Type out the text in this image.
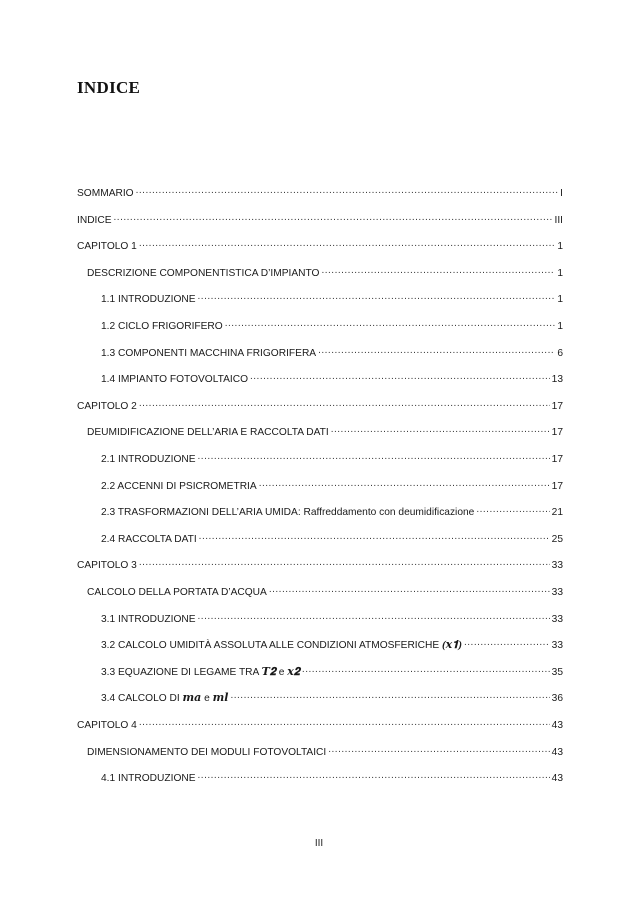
INDICE
SOMMARIO .....	I
INDICE .....	III
CAPITOLO 1 .....	1
DESCRIZIONE COMPONENTISTICA D’IMPIANTO .....	1
1.1 INTRODUZIONE .....	1
1.2 CICLO FRIGORIFERO .....	1
1.3 COMPONENTI MACCHINA FRIGORIFERA .....	6
1.4 IMPIANTO FOTOVOLTAICO .....	13
CAPITOLO 2 .....	17
DEUMIDIFICAZIONE DELL’ARIA E RACCOLTA DATI .....	17
2.1 INTRODUZIONE .....	17
2.2 ACCENNI DI PSICROMETRIA .....	17
2.3 TRASFORMAZIONI DELL’ARIA UMIDA: Raffreddamento con deumidificazione .....	21
2.4 RACCOLTA DATI .....	25
CAPITOLO 3 .....	33
CALCOLO DELLA PORTATA D’ACQUA .....	33
3.1 INTRODUZIONE .....	33
3.2 CALCOLO UMIDITÀ ASSOLUTA ALLE CONDIZIONI ATMOSFERICHE (𝒙𝟏) .....	33
3.3 EQUAZIONE DI LEGAME TRA 𝑻𝟐 e 𝒙𝟐 .....	35
3.4 CALCOLO DI 𝒎𝒂 e 𝒎𝒍 .....	36
CAPITOLO 4 .....	43
DIMENSIONAMENTO DEI MODULI FOTOVOLTAICI .....	43
4.1 INTRODUZIONE .....	43
III
